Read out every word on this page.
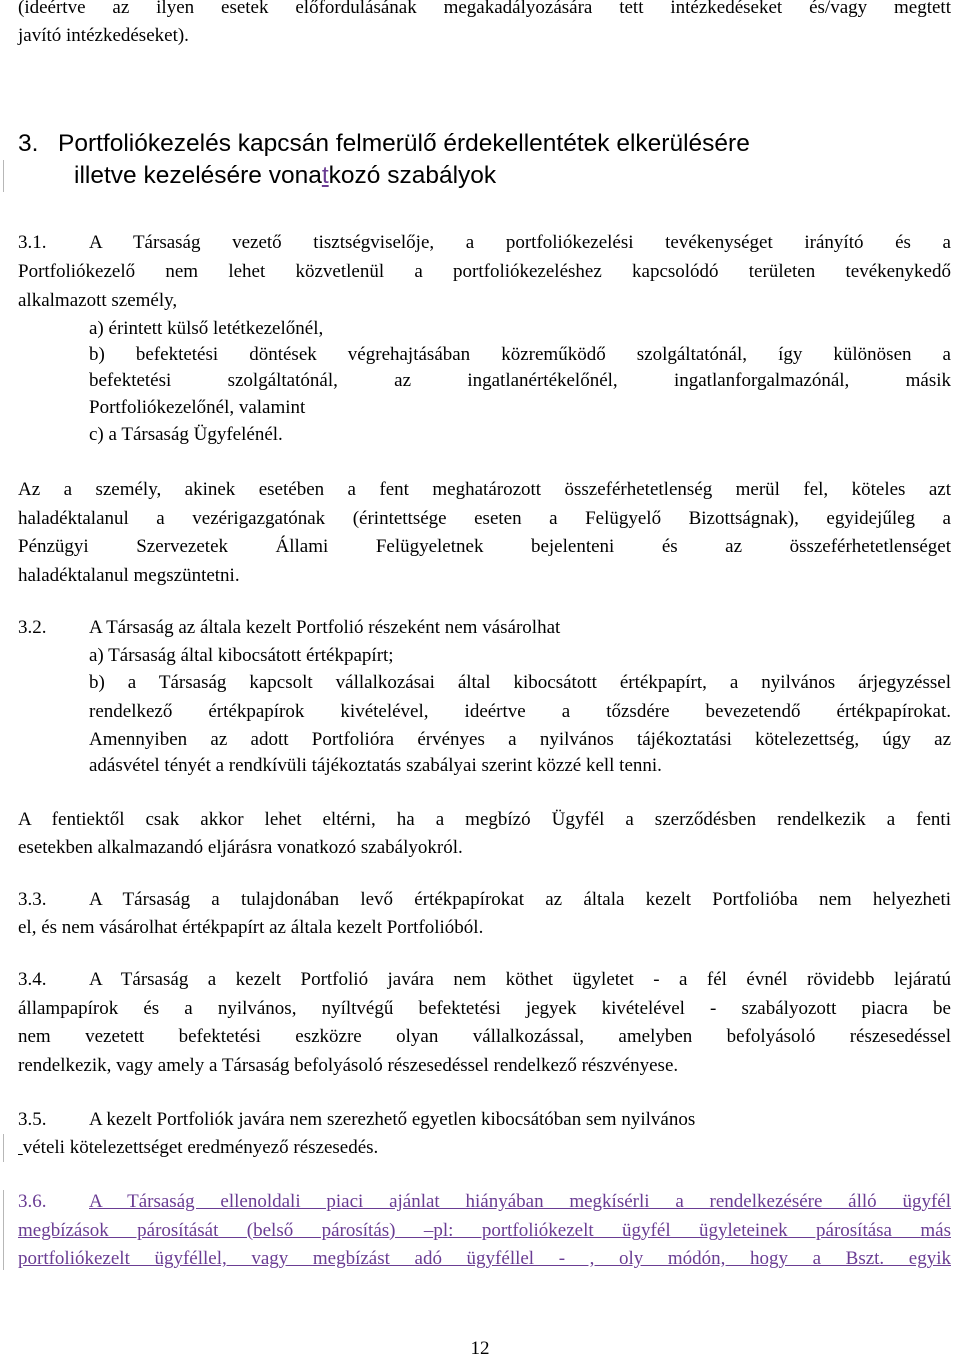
(ideértve az ilyen esetek előfordulásának megakadályozására tett intézkedéseket és/vagy megtett
javító intézkedéseket).
3. Portfoliókezelés kapcsán felmerülő érdekellentétek elkerülésére
illetve kezelésére vonatkozó szabályok
3.1. A Társaság vezető tisztségviselője, a portfoliókezelési tevékenységet irányító és a
Portfoliókezelő nem lehet közvetlenül a portfoliókezeléshez kapcsolódó területen tevékenykedő
alkalmazott személy,
a) érintett külső letétkezelőnél,
b) befektetési döntések végrehajtásában közreműködő szolgáltatónál, így különösen a
befektetési szolgáltatónál, az ingatlanértékelőnél, ingatlanforgalmazónál, másik
Portfoliókezelőnél, valamint
c) a Társaság Ügyfelénél.
Az a személy, akinek esetében a fent meghatározott összeférhetetlenség merül fel, köteles azt
haladéktalanul a vezérigazgatónak (érintettsége eseten a Felügyelő Bizottságnak), egyidejűleg a
Pénzügyi Szervezetek Állami Felügyeletnek bejelenteni és az összeférhetetlenséget
haladéktalanul megszüntetni.
3.2. A Társaság az általa kezelt Portfolió részeként nem vásárolhat
a) Társaság által kibocsátott értékpapírt;
b) a Társaság kapcsolt vállalkozásai által kibocsátott értékpapírt, a nyilvános árjegyzéssel
rendelkező értékpapírok kivételével, ideértve a tőzsdére bevezetendő értékpapírokat.
Amennyiben az adott Portfolióra érvényes a nyilvános tájékoztatási kötelezettség, úgy az
adásvétel tényét a rendkívüli tájékoztatás szabályai szerint közzé kell tenni.
A fentiektől csak akkor lehet eltérni, ha a megbízó Ügyfél a szerződésben rendelkezik a fenti
esetekben alkalmazandó eljárásra vonatkozó szabályokról.
3.3. A Társaság a tulajdonában levő értékpapírokat az általa kezelt Portfolióba nem helyezheti
el, és nem vásárolhat értékpapírt az általa kezelt Portfolióból.
3.4. A Társaság a kezelt Portfolió javára nem köthet ügyletet - a fél évnél rövidebb lejáratú
állampapírok és a nyilvános, nyíltvégű befektetési jegyek kivételével - szabályozott piacra be
nem vezetett befektetési eszközre olyan vállalkozással, amelyben befolyásoló részesedéssel
rendelkezik, vagy amely a Társaság befolyásoló részesedéssel rendelkező részvényese.
3.5. A kezelt Portfoliók javára nem szerezhető egyetlen kibocsátóban sem nyilvános
vételi kötelezettséget eredményező részesedés.
3.6. A Társaság ellenoldali piaci ajánlat hiányában megkísérli a rendelkezésére álló ügyfél
megbízások párosítását (belső párosítás) –pl: portfoliókezelt ügyfél ügyleteinek párosítása más
portfoliókezelt ügyféllel, vagy megbízást adó ügyféllel - , oly módón, hogy a Bszt. egyik
12
